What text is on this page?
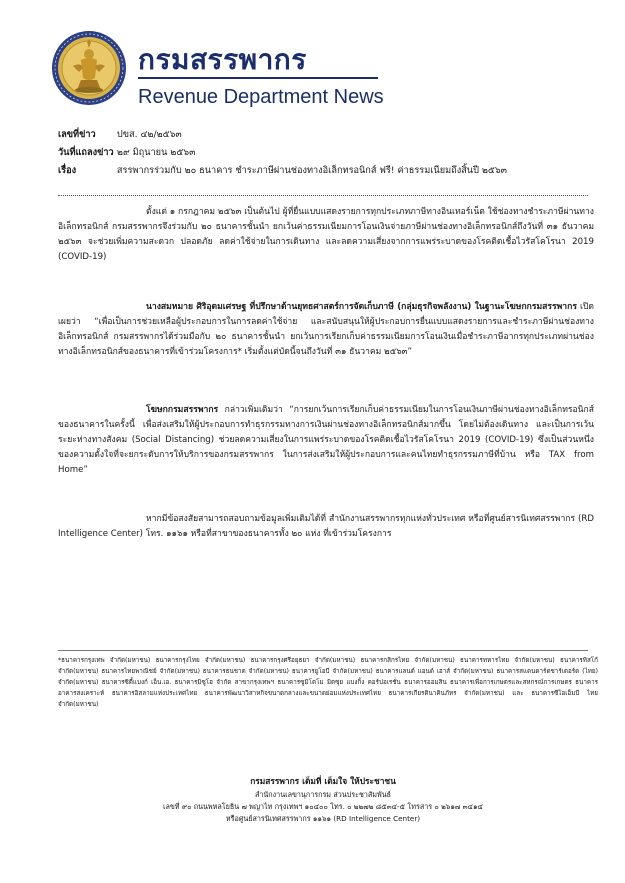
กรมสรรพากร
Revenue Department News
เลขที่ข่าว ปขส. ๔๒/๒๕๖๓
วันที่แถลงข่าว ๒๙ มิถุนายน ๒๕๖๓
เรื่อง	สรรพากรร่วมกับ ๒๐ ธนาคาร ชำระภาษีผ่านช่องทางอิเล็กทรอนิกส์ ฟรี! ค่าธรรมเนียมถึงสิ้นปี ๒๕๖๓
ตั้งแต่ ๑ กรกฎาคม ๒๕๖๓ เป็นต้นไป ผู้ที่ยื่นแบบแสดงรายการทุกประเภทภาษีทางอินเทอร์เน็ต ใช้ช่องทางชำระภาษีผ่านทางอิเล็กทรอนิกส์ กรมสรรพากรจึงร่วมกับ ๒๐ ธนาคารชั้นนำ ยกเว้นค่าธรรมเนียมการโอนเงินจ่ายภาษีผ่านช่องทางอิเล็กทรอนิกส์ถึงวันที่ ๓๑ ธันวาคม ๒๕๖๓ จะช่วยเพิ่มความสะดวก ปลอดภัย ลดค่าใช้จ่ายในการเดินทาง และลดความเสี่ยงจากการแพร่ระบาดของโรคติดเชื้อไวรัสโคโรนา 2019 (COVID-19)
นางสมหมาย ศิริอุดมเศรษฐ ที่ปรึกษาด้านยุทธศาสตร์การจัดเก็บภาษี (กลุ่มธุรกิจพลังงาน) ในฐานะโฆษกกรมสรรพากร เปิดเผยว่า “เพื่อเป็นการช่วยเหลือผู้ประกอบการในการลดค่าใช้จ่าย และสนับสนุนให้ผู้ประกอบการยื่นแบบแสดงรายการและชำระภาษีผ่านช่องทางอิเล็กทรอนิกส์ กรมสรรพากรได้ร่วมมือกับ ๒๐ ธนาคารชั้นนำ ยกเว้นการเรียกเก็บค่าธรรมเนียมการโอนเงินเมื่อชำระภาษีอากรทุกประเภทผ่านช่องทางอิเล็กทรอนิกส์ของธนาคารที่เข้าร่วมโครงการ* เริ่มตั้งแต่บัดนี้จนถึงวันที่ ๓๑ ธันวาคม ๒๕๖๓”
โฆษกกรมสรรพากร กล่าวเพิ่มเติมว่า “การยกเว้นการเรียกเก็บค่าธรรมเนียมในการโอนเงินภาษีผ่านช่องทางอิเล็กทรอนิกส์ของธนาคารในครั้งนี้ เพื่อส่งเสริมให้ผู้ประกอบการทำธุรกรรมทางการเงินผ่านช่องทางอิเล็กทรอนิกส์มากขึ้น โดยไม่ต้องเดินทาง และเป็นการเว้นระยะห่างทางสังคม (Social Distancing) ช่วยลดความเสี่ยงในการแพร่ระบาดของโรคติดเชื้อไวรัสโคโรนา 2019 (COVID-19) ซึ่งเป็นส่วนหนึ่งของความตั้งใจที่จะยกระดับการให้บริการของกรมสรรพากร ในการส่งเสริมให้ผู้ประกอบการและคนไทยทำธุรกรรมภาษีที่บ้าน หรือ TAX from Home”
หากมีข้อสงสัยสามารถสอบถามข้อมูลเพิ่มเติมได้ที่ สำนักงานสรรพากรทุกแห่งทั่วประเทศ หรือที่ศูนย์สารนิเทศสรรพากร (RD Intelligence Center) โทร. ๑๑๖๑ หรือที่สาขาของธนาคารทั้ง ๒๐ แห่ง ที่เข้าร่วมโครงการ
*ธนาคารกรุงเทพ จำกัด(มหาชน) ธนาคารกรุงไทย จำกัด(มหาชน) ธนาคารกรุงศรีอยุธยา จำกัด(มหาชน) ธนาคารกสิกรไทย จำกัด(มหาชน) ธนาคารทหารไทย จำกัด(มหาชน) ธนาคารทิสโก้ จำกัด(มหาชน) ธนาคารไทยพาณิชย์ จำกัด(มหาชน) ธนาคารธนชาต จำกัด(มหาชน) ธนาคารยูโอบี จำกัด(มหาชน) ธนาคารแลนด์ แอนด์ เฮาส์ จำกัด(มหาชน) ธนาคารสแตนดาร์ดชาร์เตอร์ด (ไทย) จำกัด(มหาชน) ธนาคารซิตี้แบงก์ เอ็น.เอ. ธนาคารมิซูโฮ จำกัด สาขากรุงเทพฯ ธนาคารซูมิโตโม มิตซุย แบงกิ้ง คอร์ปอเรชั่น ธนาคารออมสิน ธนาคารเพื่อการเกษตรและสหกรณ์การเกษตร ธนาคารอาคารสงเคราะห์ ธนาคารอิสลามแห่งประเทศไทย ธนาคารพัฒนาวิสาหกิจขนาดกลางและขนาดย่อมแห่งประเทศไทย ธนาคารเกียรตินาคินภัทร จำกัด(มหาชน) และ ธนาคารซีไอเอ็มบี ไทย จำกัด(มหาชน)
กรมสรรพากร เต็มที่ เต็มใจ ให้ประชาชน
สำนักงานเลขานุการกรม ส่วนประชาสัมพันธ์
เลขที่ ๙๐ ถนนพหลโยธิน ๗ พญาไท กรุงเทพฯ ๑๐๔๐๐ โทร. ๐ ๒๒๗๒ ๘๕๓๔-๕ โทรสาร ๐ ๒๖๑๗ ๓๔๑๔
หรือศูนย์สารนิเทศสรรพากร ๑๑๖๑ (RD Intelligence Center)
